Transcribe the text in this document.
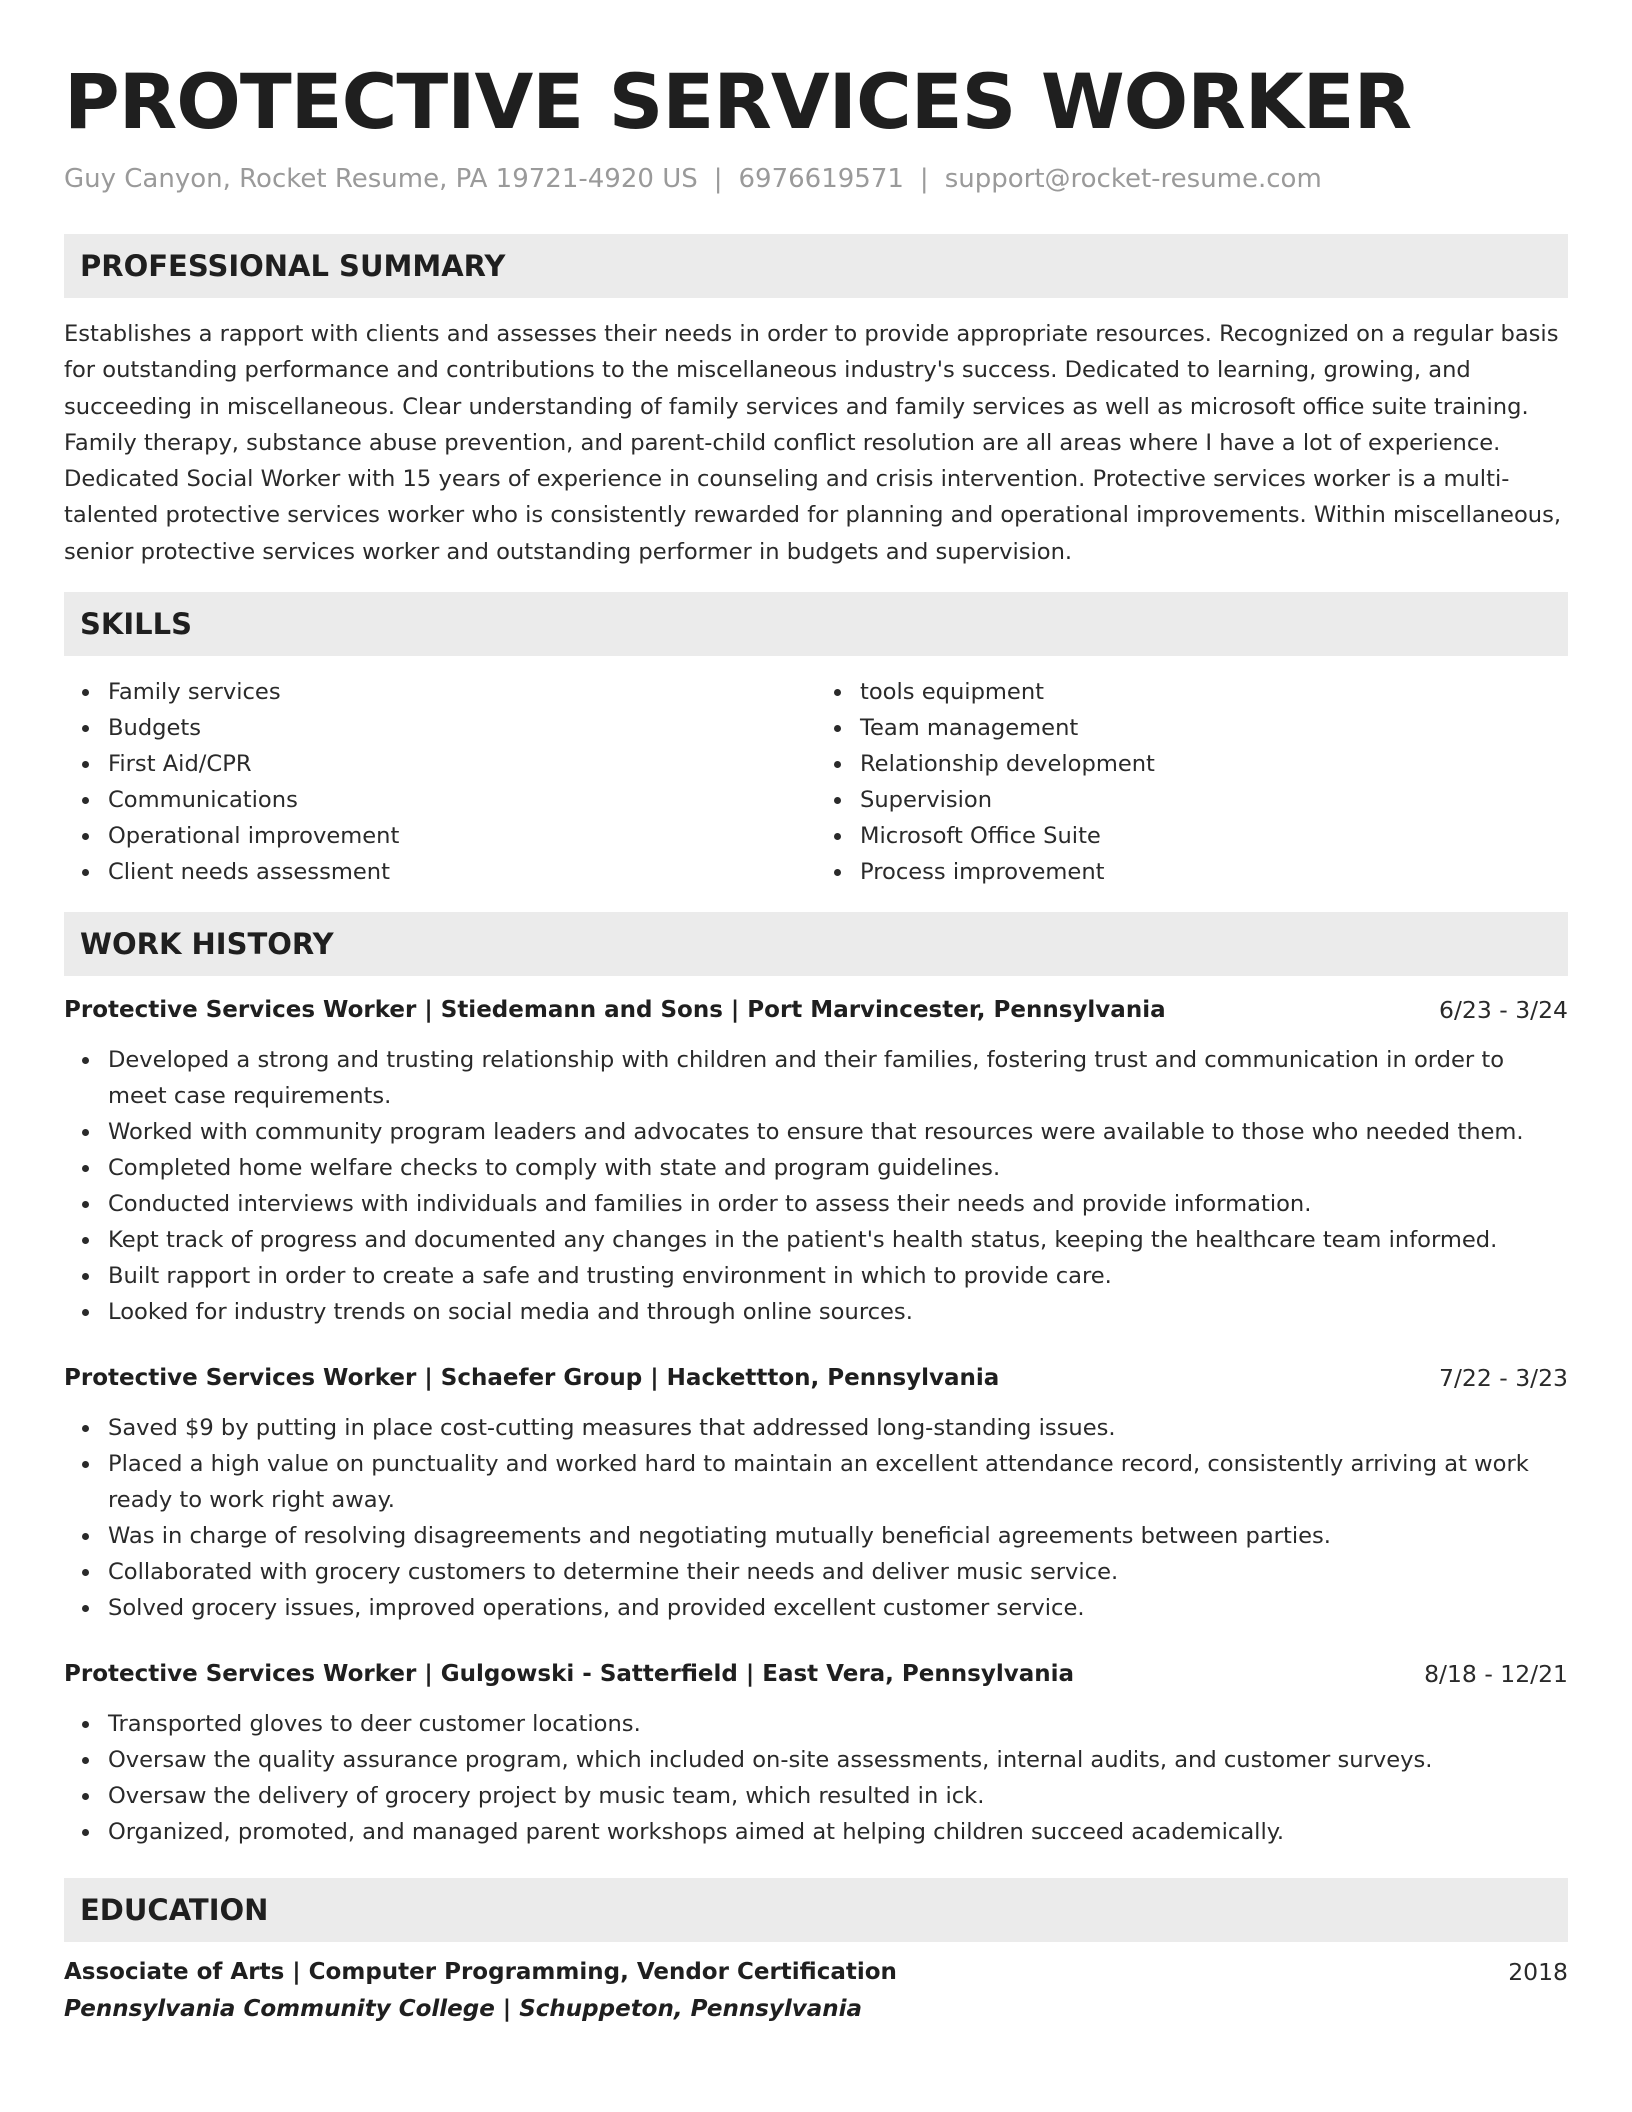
PROTECTIVE SERVICES WORKER
Guy Canyon, Rocket Resume, PA 19721-4920 US | 6976619571 | support@rocket-resume.com
PROFESSIONAL SUMMARY
Establishes a rapport with clients and assesses their needs in order to provide appropriate resources. Recognized on a regular basis for outstanding performance and contributions to the miscellaneous industry's success. Dedicated to learning, growing, and succeeding in miscellaneous. Clear understanding of family services and family services as well as microsoft office suite training. Family therapy, substance abuse prevention, and parent-child conflict resolution are all areas where I have a lot of experience. Dedicated Social Worker with 15 years of experience in counseling and crisis intervention. Protective services worker is a multi-talented protective services worker who is consistently rewarded for planning and operational improvements. Within miscellaneous, senior protective services worker and outstanding performer in budgets and supervision.
SKILLS
Family services
Budgets
First Aid/CPR
Communications
Operational improvement
Client needs assessment
tools equipment
Team management
Relationship development
Supervision
Microsoft Office Suite
Process improvement
WORK HISTORY
Protective Services Worker | Stiedemann and Sons | Port Marvincester, Pennsylvania	6/23 - 3/24
Developed a strong and trusting relationship with children and their families, fostering trust and communication in order to meet case requirements.
Worked with community program leaders and advocates to ensure that resources were available to those who needed them.
Completed home welfare checks to comply with state and program guidelines.
Conducted interviews with individuals and families in order to assess their needs and provide information.
Kept track of progress and documented any changes in the patient's health status, keeping the healthcare team informed.
Built rapport in order to create a safe and trusting environment in which to provide care.
Looked for industry trends on social media and through online sources.
Protective Services Worker | Schaefer Group | Hackettton, Pennsylvania	7/22 - 3/23
Saved $9 by putting in place cost-cutting measures that addressed long-standing issues.
Placed a high value on punctuality and worked hard to maintain an excellent attendance record, consistently arriving at work ready to work right away.
Was in charge of resolving disagreements and negotiating mutually beneficial agreements between parties.
Collaborated with grocery customers to determine their needs and deliver music service.
Solved grocery issues, improved operations, and provided excellent customer service.
Protective Services Worker | Gulgowski - Satterfield | East Vera, Pennsylvania	8/18 - 12/21
Transported gloves to deer customer locations.
Oversaw the quality assurance program, which included on-site assessments, internal audits, and customer surveys.
Oversaw the delivery of grocery project by music team, which resulted in ick.
Organized, promoted, and managed parent workshops aimed at helping children succeed academically.
EDUCATION
Associate of Arts | Computer Programming, Vendor Certification	2018
Pennsylvania Community College | Schuppeton, Pennsylvania
